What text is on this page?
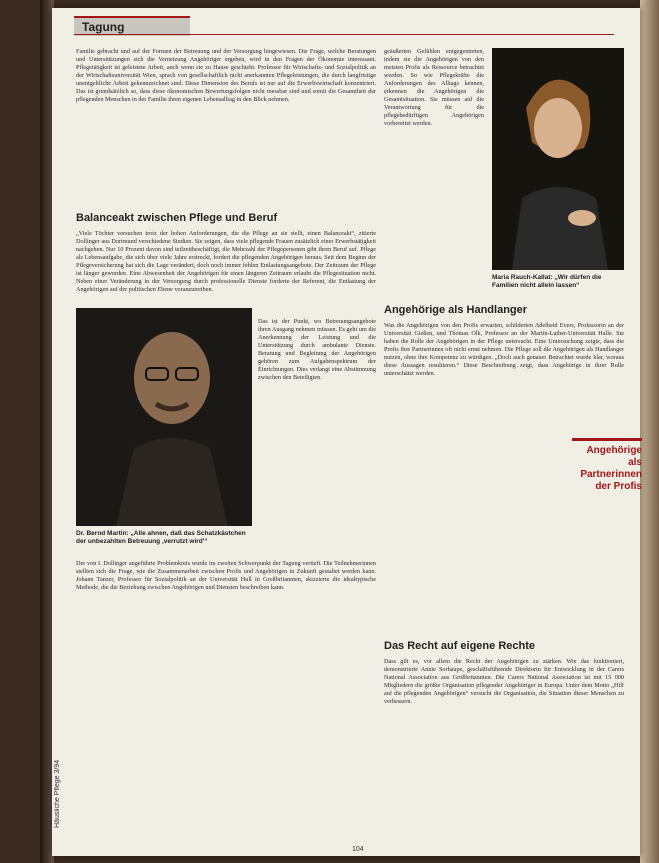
Tagung

Familie gebracht und auf der Formen der Betreuung und der Versorgung hingewiesen. Die Frage, welche Beratungen und Unterstützungen sich die Vernetzung Angehöriger ergeben, wird in den Fragen der Ökonomie interessant. Pflegetätigkeit ist geleistete Arbeit, auch wenn sie zu Hause geschieht. Professor für Wirtschafts- und Sozialpolitik an der Wirtschaftsuniversität Wien, sprach von gesellschaftlich nicht anerkannten Pflegeleistungen, die durch langfristige unentgeltliche Arbeit gekennzeichnet sind. Diese Dimension des Berufs ist nur auf die Erwerbswirtschaft konzentriert. Das ist grundsätzlich so, dass diese ökonomischen Bewertungsfolgen nicht messbar sind und somit die Gesamtheit der pflegenden Menschen in der Familie ihren eigenen Lebensalltag in den Blick nehmen.

Balanceakt zwischen Pflege und Beruf

„Viele Töchter versuchen trotz der hohen Anforderungen, die die Pflege an sie stellt, einen Balanceakt“, zitierte Dollinger aus Dortmund verschiedene Studien. Sie zeigen, dass viele pflegende Frauen zusätzlich einer Erwerbstätigkeit nachgehen. Nur 10 Prozent davon sind teilzeitbeschäftigt, die Mehrzahl der Pflegepersonen gibt ihren Beruf auf. Pflege als Lebensaufgabe, die sich über viele Jahre erstreckt, fordert die pflegenden Angehörigen heraus. Seit dem Beginn der Pflegeversicherung hat sich die Lage verändert, doch noch immer fehlen Entlastungsangebote. Der Zeitraum der Pflege ist länger geworden. Eine Abwesenheit der Angehörigen für einen längeren Zeitraum erlaubt die Pflegesituation nicht. Neben einer Veränderung in der Versorgung durch professionelle Dienste forderte der Referent, die Entlastung der Angehörigen auf der politischen Ebene voranzutreiben.

Dr. Bernd Martin: „Alle ahnen, daß das Schatzkästchen der unbezahlten Betreuung ‚verrutzt wird'“

Das ist der Punkt, wo Betreuungsangebote ihren Ausgang nehmen müssen. Es geht um die Anerkennung der Leistung und die Unterstützung durch ambulante Dienste. Beratung und Begleitung der Angehörigen gehören zum Aufgabenspektrum der Einrichtungen. Dies verlangt eine Abstimmung zwischen den Beteiligten.

Der von I. Dollinger angeführte Problemkreis wurde im zweiten Schwerpunkt der Tagung vertieft. Die Teilnehmerinnen stellten sich die Frage, wie die Zusammenarbeit zwischen Profis und Angehörigen in Zukunft gestaltet werden kann. Johann Tanzer, Professor für Sozialpolitik an der Universität Hull in Großbritannien, skizzierte die idealtypische Methode, die die Beziehung zwischen Angehörigen und Diensten beschreiben kann.

geäußerten Gefühlen entgegentreten, indem sie die Angehörigen von den meisten Profis als Ressource betrachtet werden. So wie Pflegekräfte die Anforderungen des Alltags kennen, erkennen die Angehörigen die Gesamtsituation. Sie müssen auf die Verantwortung für die pflegebedürftigen Angehörigen vorbereitet werden.

Maria Rauch-Kallat: „Wir dürfen die Familien nicht allein lassen“
Angehörige als Handlanger

Was die Angehörigen von den Profis erwarten, schilderten Adelheid Evers, Professorin an der Universität Gießen, und Thomas Olk, Professor an der Martin-Luther-Universität Halle. Sie haben die Rolle der Angehörigen in der Pflege untersucht. Eine Untersuchung zeigte, dass die Profis ihre Partnerinnen oft nicht ernst nehmen. Die Pflege soll die Angehörigen als Handlanger nutzen, ohne ihre Kompetenz zu würdigen. „Doch auch genauer Betrachtet wurde klar, woraus diese Aussagen resultieren.“ Diese Beschreibung zeigt, dass Angehörige in ihrer Rolle unterschätzt werden.

Angehörige als Partnerinnen der Profis
Das Recht auf eigene Rechte

Dass gilt es, vor allem die Recht der Angehörigen zu stärken. Wie das funktioniert, demonstrierte Annie Sorbaupe, geschäftsführende Direktorin für Entwicklung in der Carers National Association aus Großbritannien. Die Carers National Association ist mit 15 000 Mitgliedern die größte Organisation pflegender Angehöriger in Europa. Unter dem Motto „Hilf auf die pflegenden Angehörigen“ versucht die Organisation, die Situation dieser Menschen zu verbessern.

Häusliche Pflege 3/94
104
